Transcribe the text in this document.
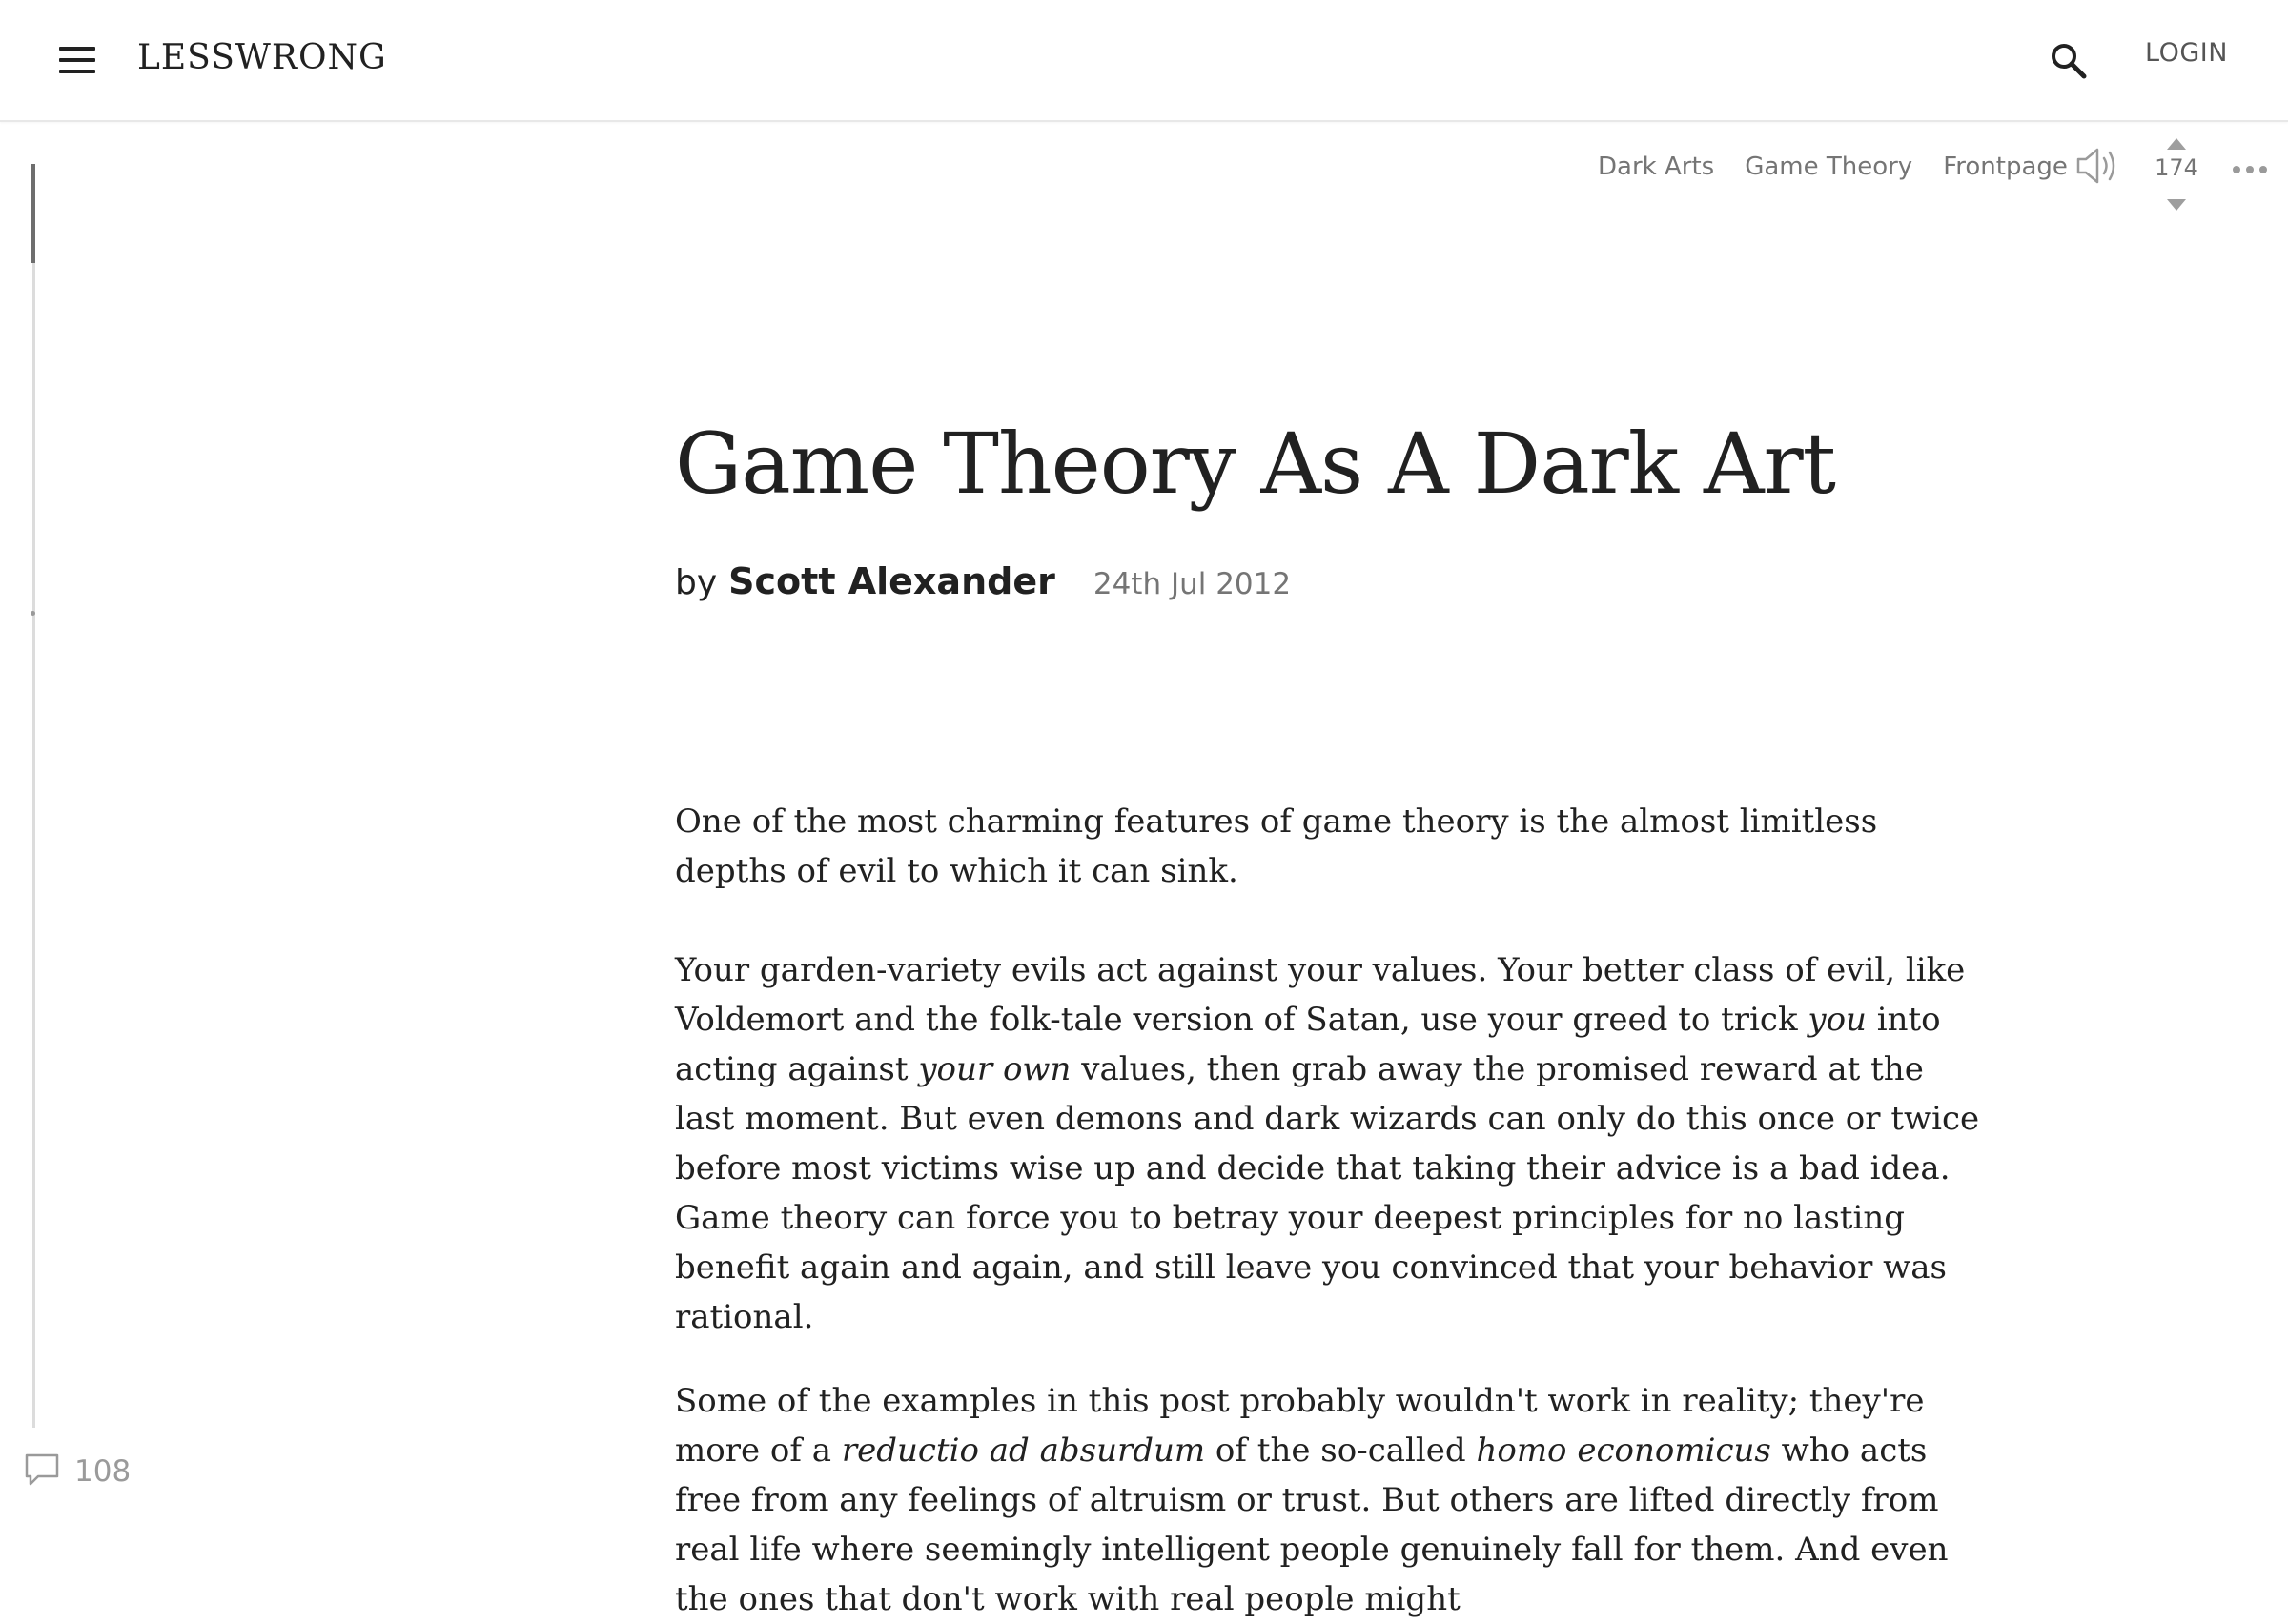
LESSWRONG	LOGIN
108
Dark Arts Game Theory Frontpage	174
Game Theory As A Dark Art
by Scott Alexander 24th Jul 2012

One of the most charming features of game theory is the almost limitless depths of evil to which it can sink.

Your garden-variety evils act against your values. Your better class of evil, like Voldemort and the folk-tale version of Satan, use your greed to trick you into acting against your own values, then grab away the promised reward at the last moment. But even demons and dark wizards can only do this once or twice before most victims wise up and decide that taking their advice is a bad idea. Game theory can force you to betray your deepest principles for no lasting benefit again and again, and still leave you convinced that your behavior was rational.

Some of the examples in this post probably wouldn't work in reality; they're more of a reductio ad absurdum of the so-called homo economicus who acts free from any feelings of altruism or trust. But others are lifted directly from real life where seemingly intelligent people genuinely fall for them. And even the ones that don't work with real people might
